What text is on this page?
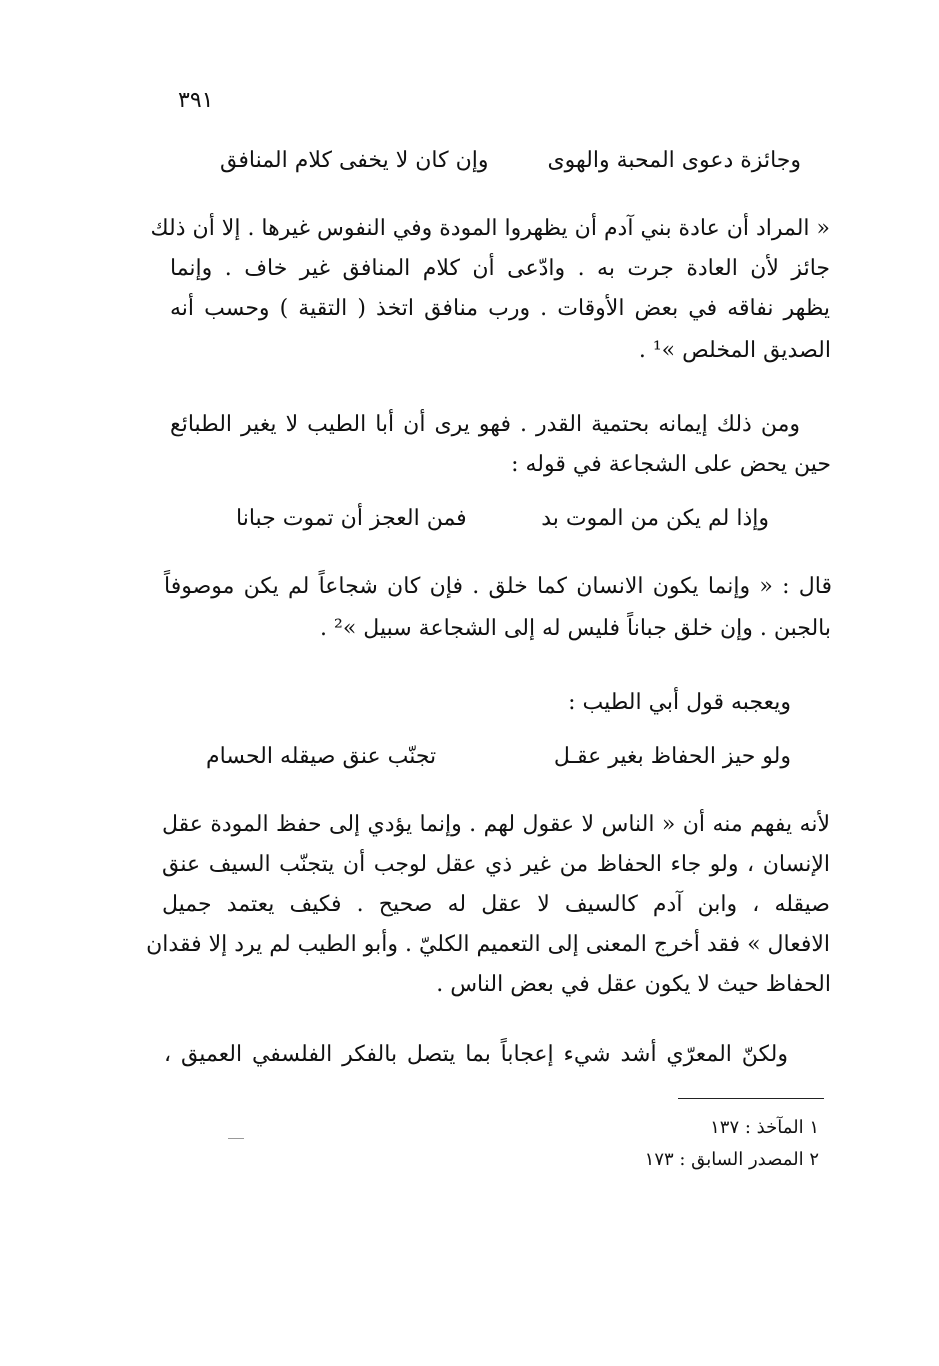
٣٩١
وجائزة دعوى المحبة والهوى
وإن كان لا يخفى كلام المنافق
« المراد أن عادة بني آدم أن يظهروا المودة وفي النفوس غيرها . إلا أن ذلك
جائز لأن العادة جرت به . وادّعى أن كلام المنافق غير خاف . وإنما
يظهر نفاقه في بعض الأوقات . ورب منافق اتخذ ( التقية ) وحسب أنه
الصديق المخلص »¹ .
ومن ذلك إيمانه بحتمية القدر . فهو يرى أن أبا الطيب لا يغير الطبائع
حين يحض على الشجاعة في قوله :
وإذا لم يكن من الموت بد
فمن العجز أن تموت جبانا
قال : « وإنما يكون الانسان كما خلق . فإن كان شجاعاً لم يكن موصوفاً
بالجبن . وإن خلق جباناً فليس له إلى الشجاعة سبيل »² .
ويعجبه قول أبي الطيب :
ولو حيز الحفاظ بغير عقـل
تجنّب عنق صيقله الحسام
لأنه يفهم منه أن « الناس لا عقول لهم . وإنما يؤدي إلى حفظ المودة عقل
الإنسان ، ولو جاء الحفاظ من غير ذي عقل لوجب أن يتجنّب السيف عنق
صيقله ، وابن آدم كالسيف لا عقل له صحيح . فكيف يعتمد جميل
الافعال » فقد أخرج المعنى إلى التعميم الكليّ . وأبو الطيب لم يرد إلا فقدان
الحفاظ حيث لا يكون عقل في بعض الناس .
ولكنّ المعرّي أشد شيء إعجاباً بما يتصل بالفكر الفلسفي العميق ،
١ المآخذ : ١٣٧
٢ المصدر السابق : ١٧٣
